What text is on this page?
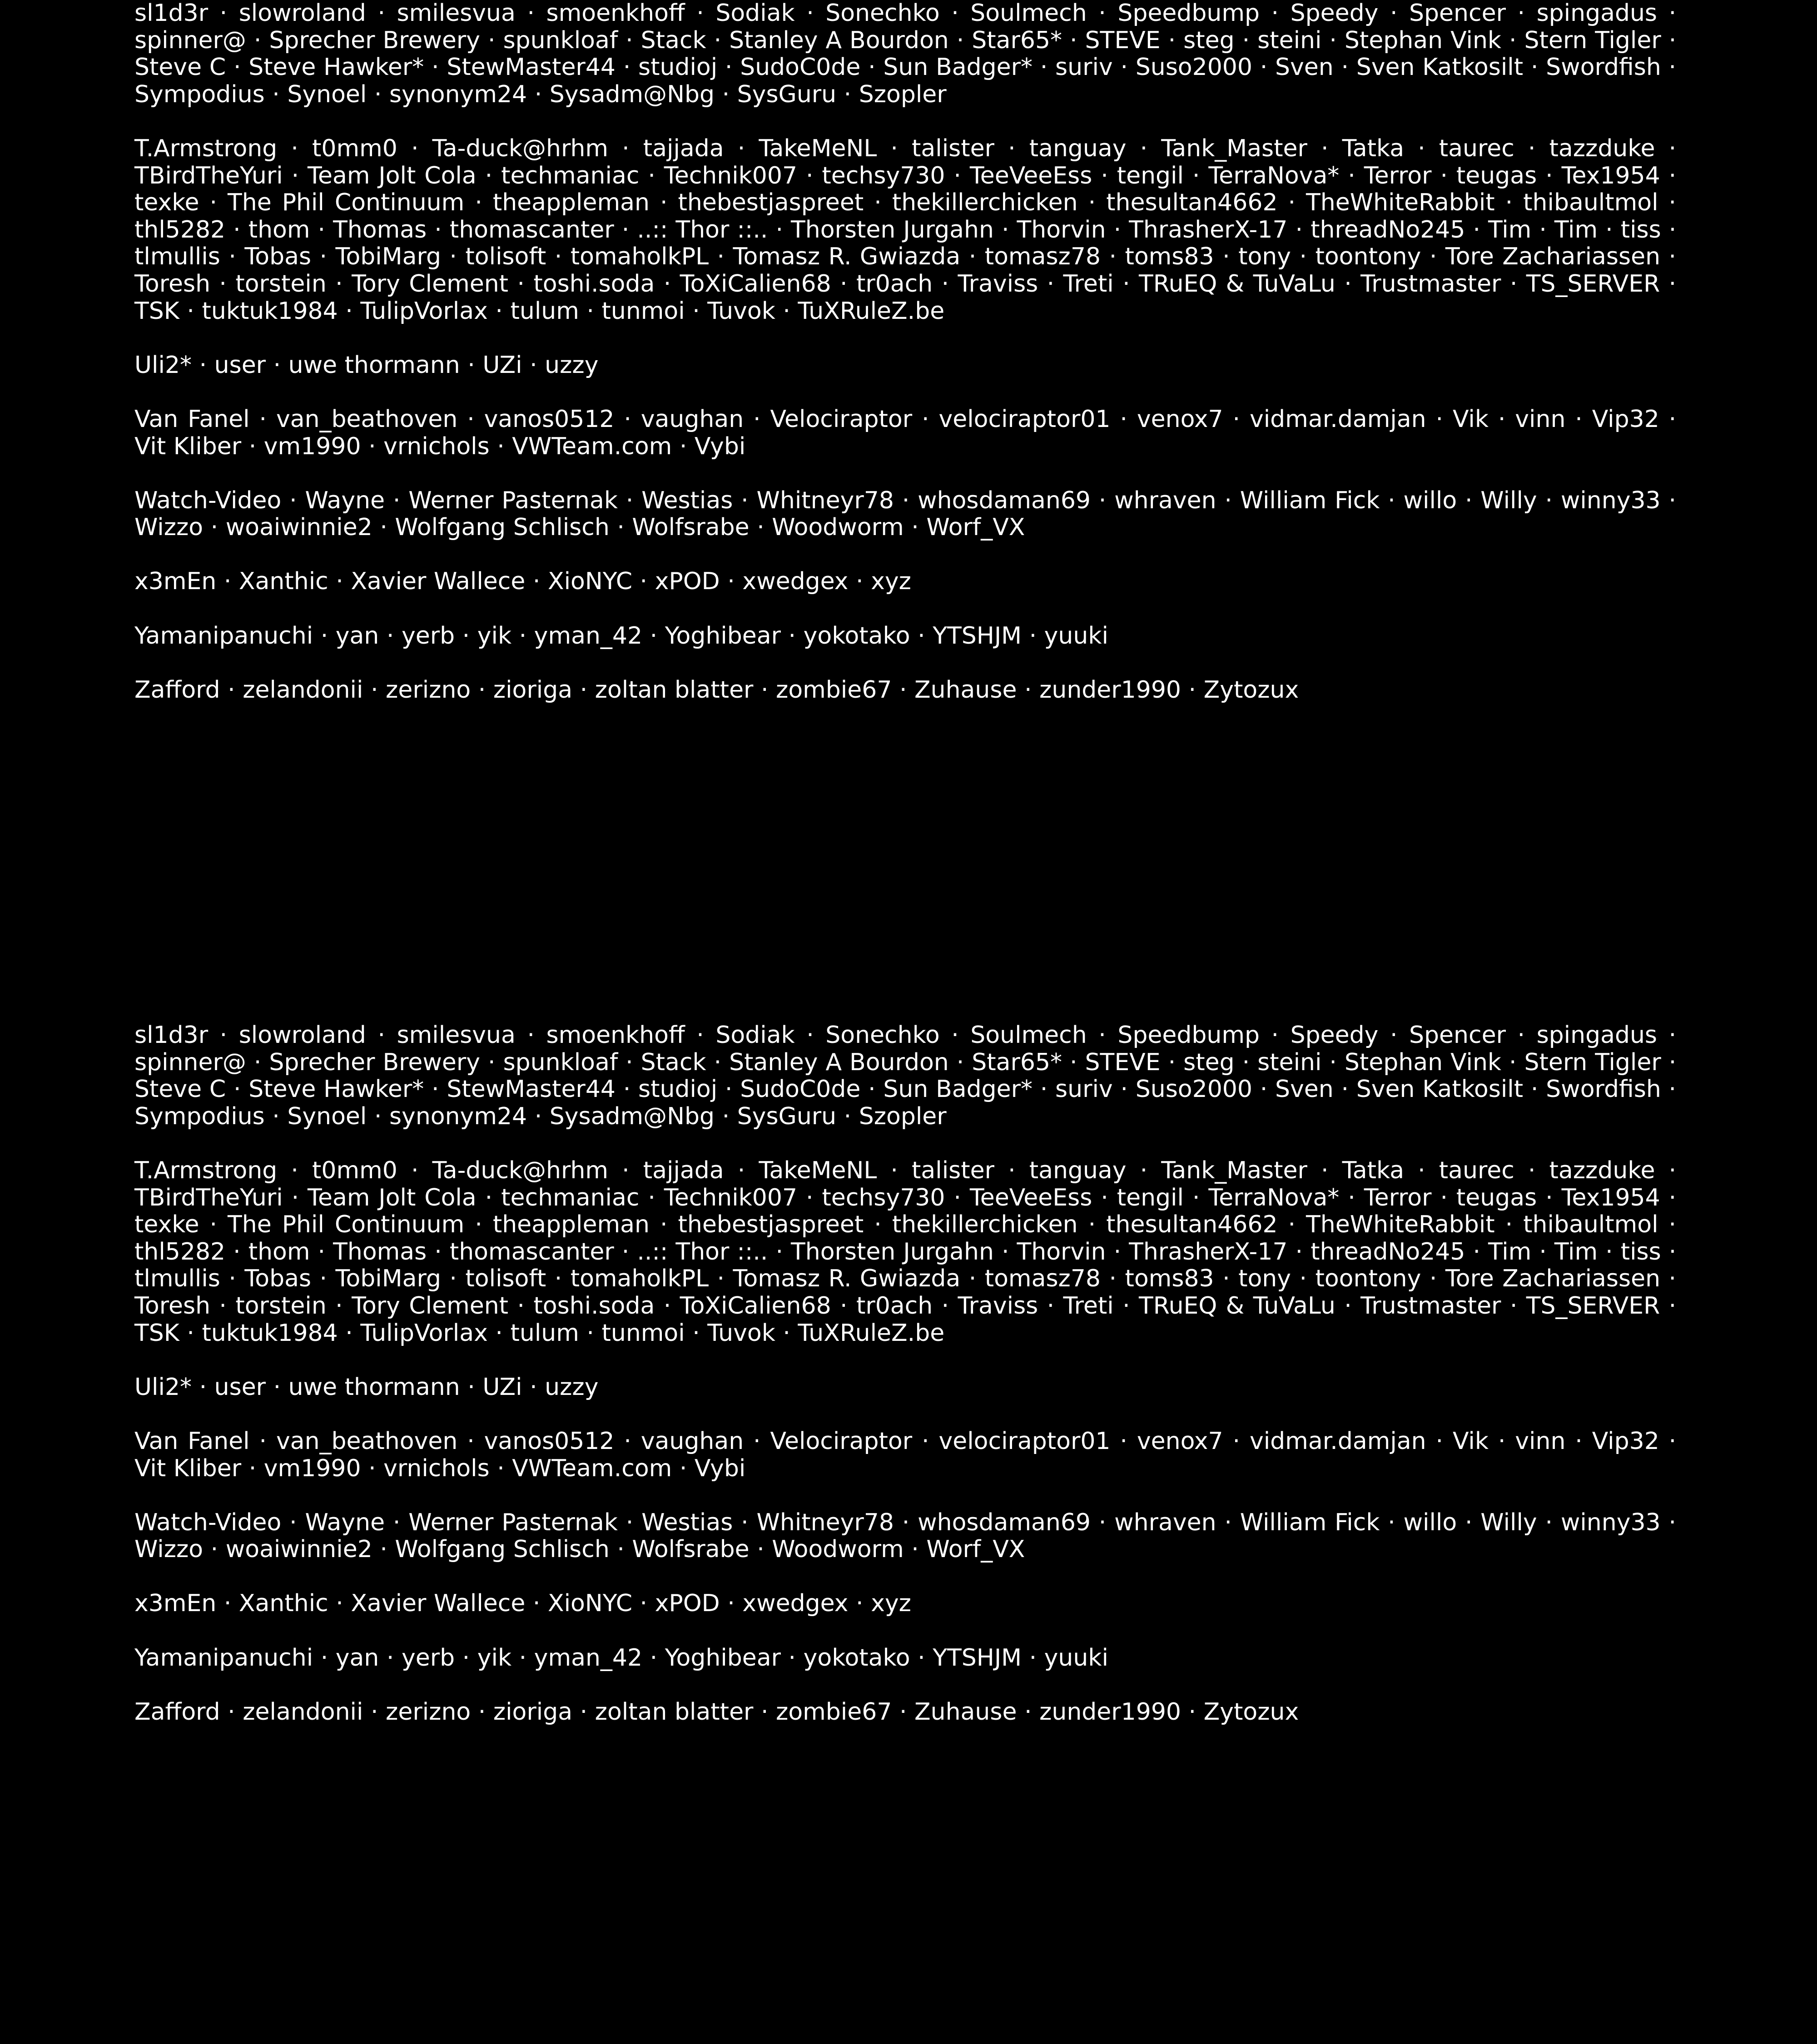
sl1d3r · slowroland · smilesvua · smoenkhoff · Sodiak · Sonechko · Soulmech · Speedbump · Speedy · Spencer · spingadus · spinner@ · Sprecher Brewery · spunkloaf · Stack · Stanley A Bourdon · Star65* · STEVE · steg · steini · Stephan Vink · Stern Tigler · Steve C · Steve Hawker* · StewMaster44 · studioj · SudoC0de · Sun Badger* · suriv · Suso2000 · Sven · Sven Katkosilt · Swordfish · Sympodius · Synoel · synonym24 · Sysadm@Nbg · SysGuru · Szopler
T.Armstrong · t0mm0 · Ta-duck@hrhm · tajjada · TakeMeNL · talister · tanguay · Tank_Master · Tatka · taurec · tazzduke · TBirdTheYuri · Team Jolt Cola · techmaniac · Technik007 · techsy730 · TeeVeeEss · tengil · TerraNova* · Terror · teugas · Tex1954 · texke · The Phil Continuum · theappleman · thebestjaspreet · thekillerchicken · thesultan4662 · TheWhiteRabbit · thibaultmol · thl5282 · thom · Thomas · thomascanter · ..:: Thor ::.. · Thorsten Jurgahn · Thorvin · ThrasherX-17 · threadNo245 · Tim · Tim · tiss · tlmullis · Tobas · TobiMarg · tolisoft · tomaholkPL · Tomasz R. Gwiazda · tomasz78 · toms83 · tony · toontony · Tore Zachariassen · Toresh · torstein · Tory Clement · toshi.soda · ToXiCalien68 · tr0ach · Traviss · Treti · TRuEQ & TuVaLu · Trustmaster · TS_SERVER · TSK · tuktuk1984 · TulipVorlax · tulum · tunmoi · Tuvok · TuXRuleZ.be
Uli2* · user · uwe thormann · UZi · uzzy
Van Fanel · van_beathoven · vanos0512 · vaughan · Velociraptor · velociraptor01 · venox7 · vidmar.damjan · Vik · vinn · Vip32 · Vit Kliber · vm1990 · vrnichols · VWTeam.com · Vybi
Watch-Video · Wayne · Werner Pasternak · Westias · Whitneyr78 · whosdaman69 · whraven · William Fick · willo · Willy · winny33 · Wizzo · woaiwinnie2 · Wolfgang Schlisch · Wolfsrabe · Woodworm · Worf_VX
x3mEn · Xanthic · Xavier Wallece · XioNYC · xPOD · xwedgex · xyz
Yamanipanuchi · yan · yerb · yik · yman_42 · Yoghibear · yokotako · YTSHJM · yuuki
Zafford · zelandonii · zerizno · zioriga · zoltan blatter · zombie67 · Zuhause · zunder1990 · Zytozux
sl1d3r · slowroland · smilesvua · smoenkhoff · Sodiak · Sonechko · Soulmech · Speedbump · Speedy · Spencer · spingadus · spinner@ · Sprecher Brewery · spunkloaf · Stack · Stanley A Bourdon · Star65* · STEVE · steg · steini · Stephan Vink · Stern Tigler · Steve C · Steve Hawker* · StewMaster44 · studioj · SudoC0de · Sun Badger* · suriv · Suso2000 · Sven · Sven Katkosilt · Swordfish · Sympodius · Synoel · synonym24 · Sysadm@Nbg · SysGuru · Szopler
T.Armstrong · t0mm0 · Ta-duck@hrhm · tajjada · TakeMeNL · talister · tanguay · Tank_Master · Tatka · taurec · tazzduke · TBirdTheYuri · Team Jolt Cola · techmaniac · Technik007 · techsy730 · TeeVeeEss · tengil · TerraNova* · Terror · teugas · Tex1954 · texke · The Phil Continuum · theappleman · thebestjaspreet · thekillerchicken · thesultan4662 · TheWhiteRabbit · thibaultmol · thl5282 · thom · Thomas · thomascanter · ..:: Thor ::.. · Thorsten Jurgahn · Thorvin · ThrasherX-17 · threadNo245 · Tim · Tim · tiss · tlmullis · Tobas · TobiMarg · tolisoft · tomaholkPL · Tomasz R. Gwiazda · tomasz78 · toms83 · tony · toontony · Tore Zachariassen · Toresh · torstein · Tory Clement · toshi.soda · ToXiCalien68 · tr0ach · Traviss · Treti · TRuEQ & TuVaLu · Trustmaster · TS_SERVER · TSK · tuktuk1984 · TulipVorlax · tulum · tunmoi · Tuvok · TuXRuleZ.be
Uli2* · user · uwe thormann · UZi · uzzy
Van Fanel · van_beathoven · vanos0512 · vaughan · Velociraptor · velociraptor01 · venox7 · vidmar.damjan · Vik · vinn · Vip32 · Vit Kliber · vm1990 · vrnichols · VWTeam.com · Vybi
Watch-Video · Wayne · Werner Pasternak · Westias · Whitneyr78 · whosdaman69 · whraven · William Fick · willo · Willy · winny33 · Wizzo · woaiwinnie2 · Wolfgang Schlisch · Wolfsrabe · Woodworm · Worf_VX
x3mEn · Xanthic · Xavier Wallece · XioNYC · xPOD · xwedgex · xyz
Yamanipanuchi · yan · yerb · yik · yman_42 · Yoghibear · yokotako · YTSHJM · yuuki
Zafford · zelandonii · zerizno · zioriga · zoltan blatter · zombie67 · Zuhause · zunder1990 · Zytozux
